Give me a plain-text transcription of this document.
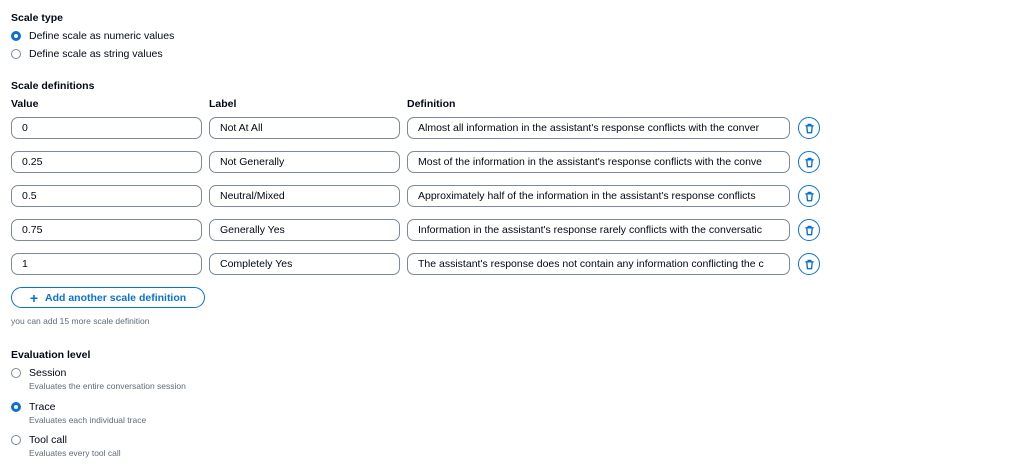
Scale type
Define scale as numeric values
Define scale as string values
Scale definitions
Value	Label	Definition
0	Not At All	Almost all information in the assistant's response conflicts with the conver
0.25	Not Generally	Most of the information in the assistant's response conflicts with the conve
0.5	Neutral/Mixed	Approximately half of the information in the assistant's response conflicts
0.75	Generally Yes	Information in the assistant's response rarely conflicts with the conversatic
1	Completely Yes	The assistant's response does not contain any information conflicting the c
+ Add another scale definition
you can add 15 more scale definition
Evaluation level
Session
Evaluates the entire conversation session
Trace
Evaluates each individual trace
Tool call
Evaluates every tool call
